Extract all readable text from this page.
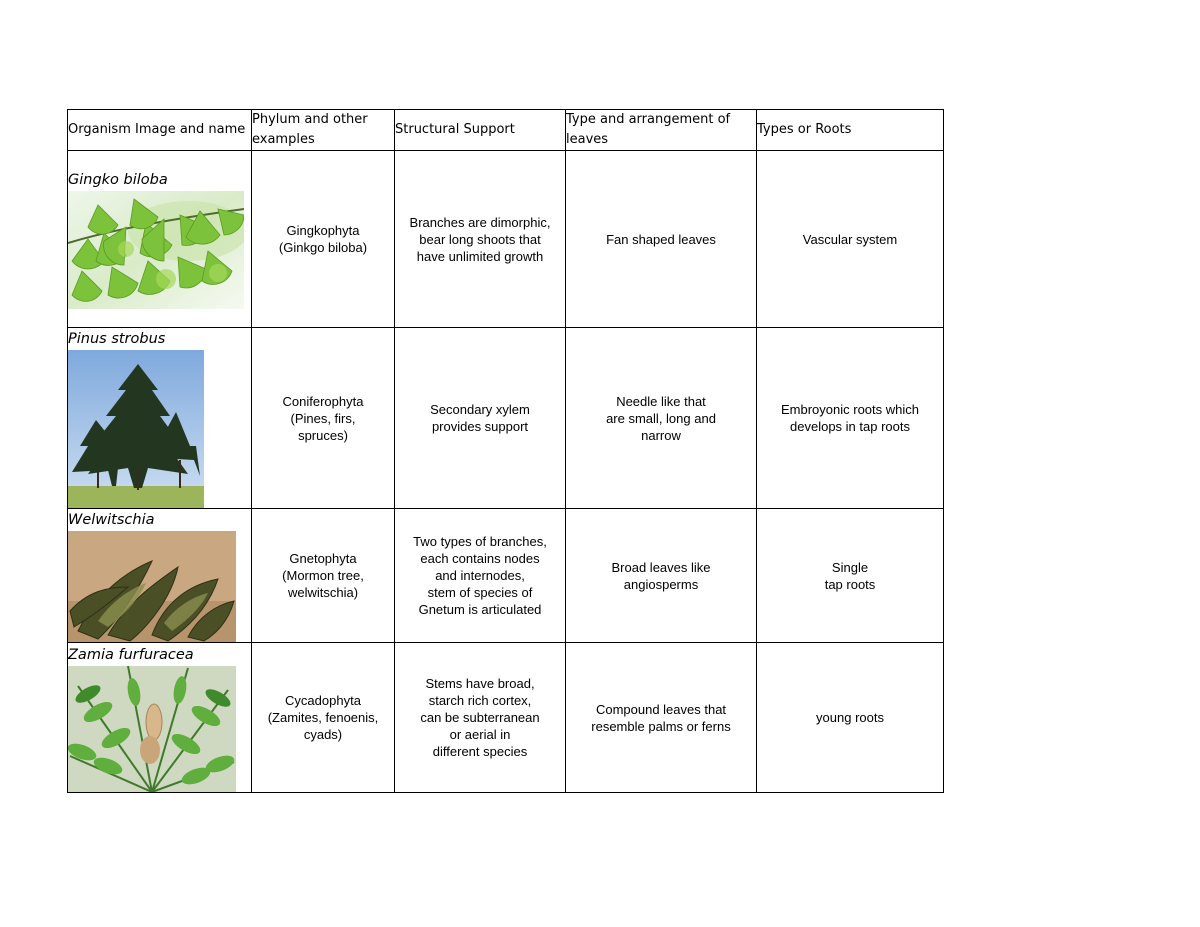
Organism Image and name	Phylum and other examples	Structural Support	Type and arrangement of leaves	Types or Roots

Gingko biloba	Gingkophyta
(Ginkgo biloba)	Branches are dimorphic,
bear long shoots that
have unlimited growth	Fan shaped leaves	Vascular system

Pinus strobus	Coniferophyta
(Pines, firs,
spruces)	Secondary xylem
provides support	Needle like that
are small, long and
narrow	Embroyonic roots which
develops in tap roots

Welwitschia	Gnetophyta
(Mormon tree,
welwitschia)	Two types of branches,
each contains nodes
and internodes,
stem of species of
Gnetum is articulated	Broad leaves like
angiosperms	Single
tap roots

Zamia furfuracea	Cycadophyta
(Zamites, fenoenis,
cyads)	Stems have broad,
starch rich cortex,
can be subterranean
or aerial in
different species	Compound leaves that
resemble palms or ferns	young roots
